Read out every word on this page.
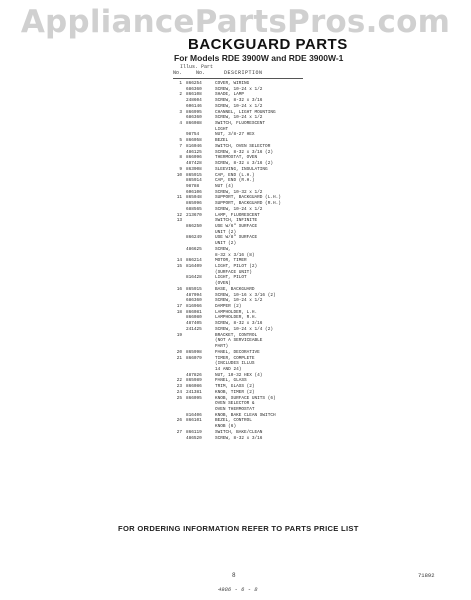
AppliancePartsPros.com
BACKGUARD PARTS
For Models RDE 3900W and RDE 3900W-1
Illus. Part
No.	No.	DESCRIPTION
1 866254	COVER, WIRING
686360	SCREW, 10-24 x 1/2
2 866108	SHADE, LAMP
248604	SCREW, 8-32 x 3/16
606146	SCREW, 10-24 x 1/2
3 866995	CHANNEL, LIGHT MOUNTING
686360	SCREW, 10-24 x 1/2
4 866088	SWITCH, FLUORESCENT
LIGHT
98754	NUT, 3/8-27 HEX
5 866058	BEZEL
7 816046	SWITCH, OVEN SELECTOR
486125	SCREW, 8-32 x 3/16 (2)
8 866096	THERMOSTAT, OVEN
487428	SCREW, 8-32 x 3/16 (2)
9 863908	SLEEVING, INSULATING
10 865915	CAP, END (L.H.)
865914	CAP, END (R.H.)
98788	NUT (4)
606106	SCREW, 10-32 x 1/2
11 865048	SUPPORT, BACKGUARD (L.H.)
865996	SUPPORT, BACKGUARD (R.H.)
688565	SCREW, 10-24 x 1/2
12 213670	LAMP, FLUORESCENT
13	SWITCH, INFINITE
866250	USE W/6" SURFACE
UNIT (2)
866249	USE W/8" SURFACE
UNIT (2)
486625	SCREW,
8-32 x 3/16 (8)
14 866214	MOTOR, TIMER
15 816409	LIGHT, PILOT (2)
(SURFACE UNIT)
816428	LIGHT, PILOT
(OVEN)
16 865915	BASE, BACKGUARD
487094	SCREW, 10-16 x 3/16 (2)
686360	SCREW, 10-24 x 1/2
17 816966	DAMPER (2)
18 866081	LAMPHOLDER, L.H.
866080	LAMPHOLDER, R.H.
487405	SCREW, 8-32 x 3/16
241425	SCREW, 10-24 x 1/4 (2)
19	BRACKET, CONTROL
(NOT A SERVICEABLE
PART)
20 865998	PANEL, DECORATIVE
21 866079	TIMER, COMPLETE
(INCLUDES ILLUS
14 AND 24)
487826	NUT, 10-32 HEX (4)
22 865989	PANEL, GLASS
23 866086	TRIM, GLASS (2)
24 241381	KNOB, TIMER (2)
25 866095	KNOB, SURFACE UNITS (6)
OVEN SELECTOR &
OVEN THERMOSTAT
816406	KNOB, BAKE CLEAN SWITCH
26 866101	BEZEL, CONTROL
KNOB (6)
27 866119	SWITCH, BAKE/CLEAN
486520	SCREW, 8-32 x 3/16
FOR ORDERING INFORMATION REFER TO PARTS PRICE LIST
8	71892
4986 - 6 - 8
